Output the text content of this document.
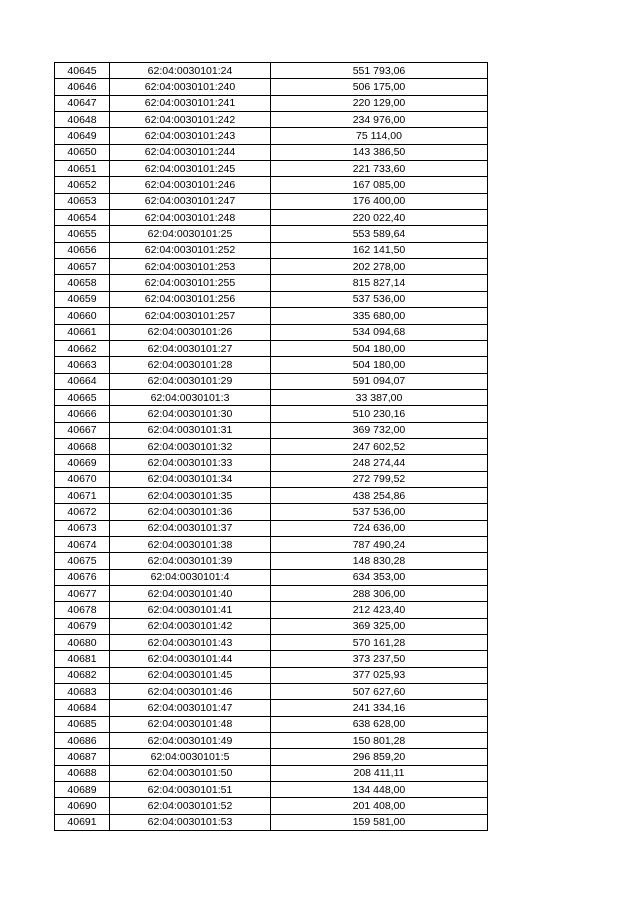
40645	62:04:0030101:24	551 793,06
40646	62:04:0030101:240	506 175,00
40647	62:04:0030101:241	220 129,00
40648	62:04:0030101:242	234 976,00
40649	62:04:0030101:243	75 114,00
40650	62:04:0030101:244	143 386,50
40651	62:04:0030101:245	221 733,60
40652	62:04:0030101:246	167 085,00
40653	62:04:0030101:247	176 400,00
40654	62:04:0030101:248	220 022,40
40655	62:04:0030101:25	553 589,64
40656	62:04:0030101:252	162 141,50
40657	62:04:0030101:253	202 278,00
40658	62:04:0030101:255	815 827,14
40659	62:04:0030101:256	537 536,00
40660	62:04:0030101:257	335 680,00
40661	62:04:0030101:26	534 094,68
40662	62:04:0030101:27	504 180,00
40663	62:04:0030101:28	504 180,00
40664	62:04:0030101:29	591 094,07
40665	62:04:0030101:3	33 387,00
40666	62:04:0030101:30	510 230,16
40667	62:04:0030101:31	369 732,00
40668	62:04:0030101:32	247 602,52
40669	62:04:0030101:33	248 274,44
40670	62:04:0030101:34	272 799,52
40671	62:04:0030101:35	438 254,86
40672	62:04:0030101:36	537 536,00
40673	62:04:0030101:37	724 636,00
40674	62:04:0030101:38	787 490,24
40675	62:04:0030101:39	148 830,28
40676	62:04:0030101:4	634 353,00
40677	62:04:0030101:40	288 306,00
40678	62:04:0030101:41	212 423,40
40679	62:04:0030101:42	369 325,00
40680	62:04:0030101:43	570 161,28
40681	62:04:0030101:44	373 237,50
40682	62:04:0030101:45	377 025,93
40683	62:04:0030101:46	507 627,60
40684	62:04:0030101:47	241 334,16
40685	62:04:0030101:48	638 628,00
40686	62:04:0030101:49	150 801,28
40687	62:04:0030101:5	296 859,20
40688	62:04:0030101:50	208 411,11
40689	62:04:0030101:51	134 448,00
40690	62:04:0030101:52	201 408,00
40691	62:04:0030101:53	159 581,00
